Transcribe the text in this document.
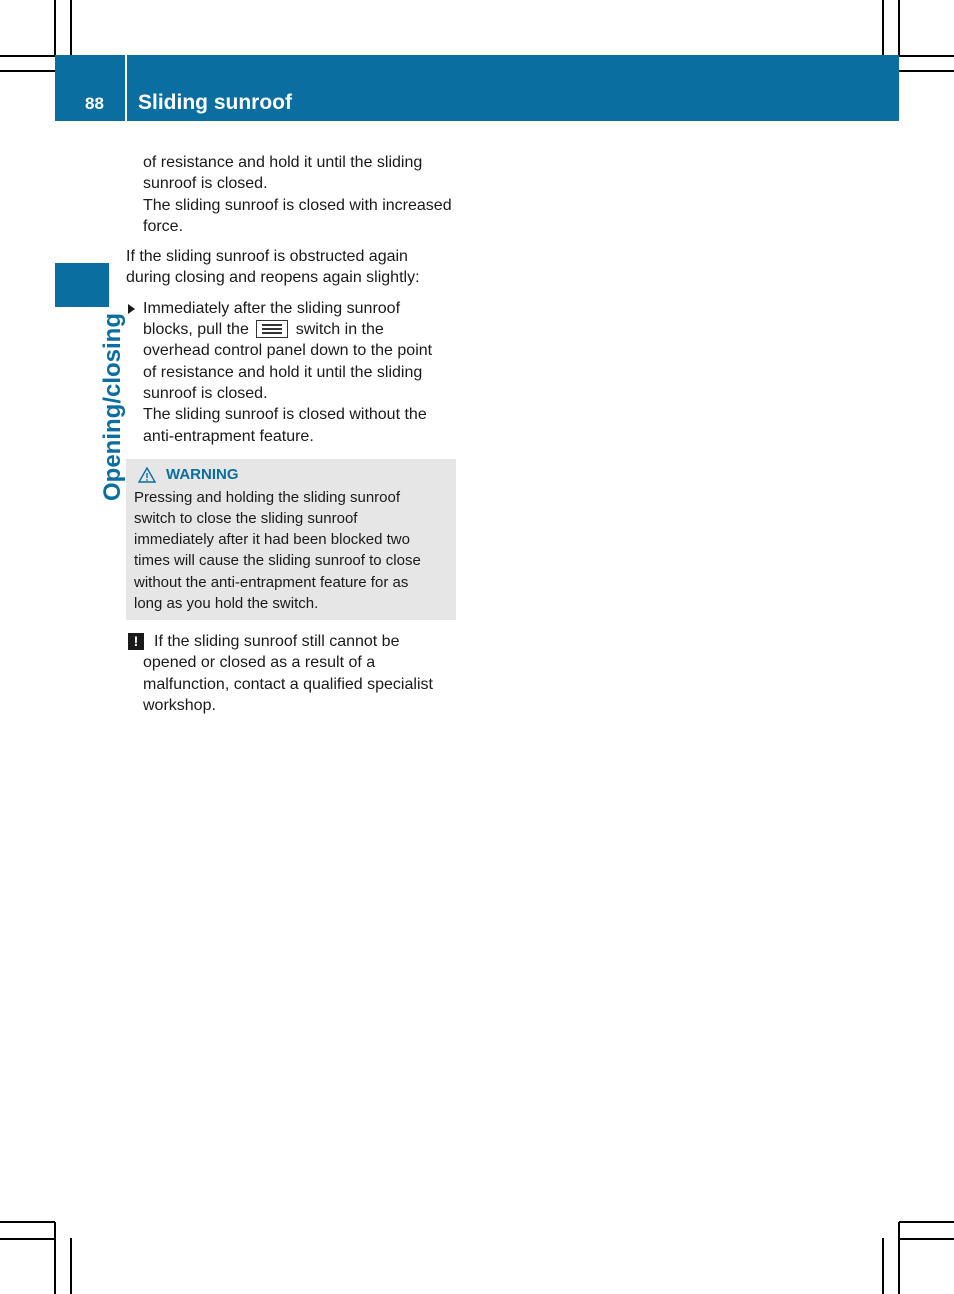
88 Sliding sunroof
Opening/closing

of resistance and hold it until the sliding

sunroof is closed.

The sliding sunroof is closed with increased

force.

If the sliding sunroof is obstructed again

during closing and reopens again slightly:

Immediately after the sliding sunroof

blocks, pull the	switch in the

overhead control panel down to the point

of resistance and hold it until the sliding

sunroof is closed.

The sliding sunroof is closed without the

anti-entrapment feature.

WARNING

Pressing and holding the sliding sunroof

switch to close the sliding sunroof

immediately after it had been blocked two

times will cause the sliding sunroof to close

without the anti-entrapment feature for as

long as you hold the switch.

! If the sliding sunroof still cannot be

opened or closed as a result of a

malfunction, contact a qualified specialist

workshop.
